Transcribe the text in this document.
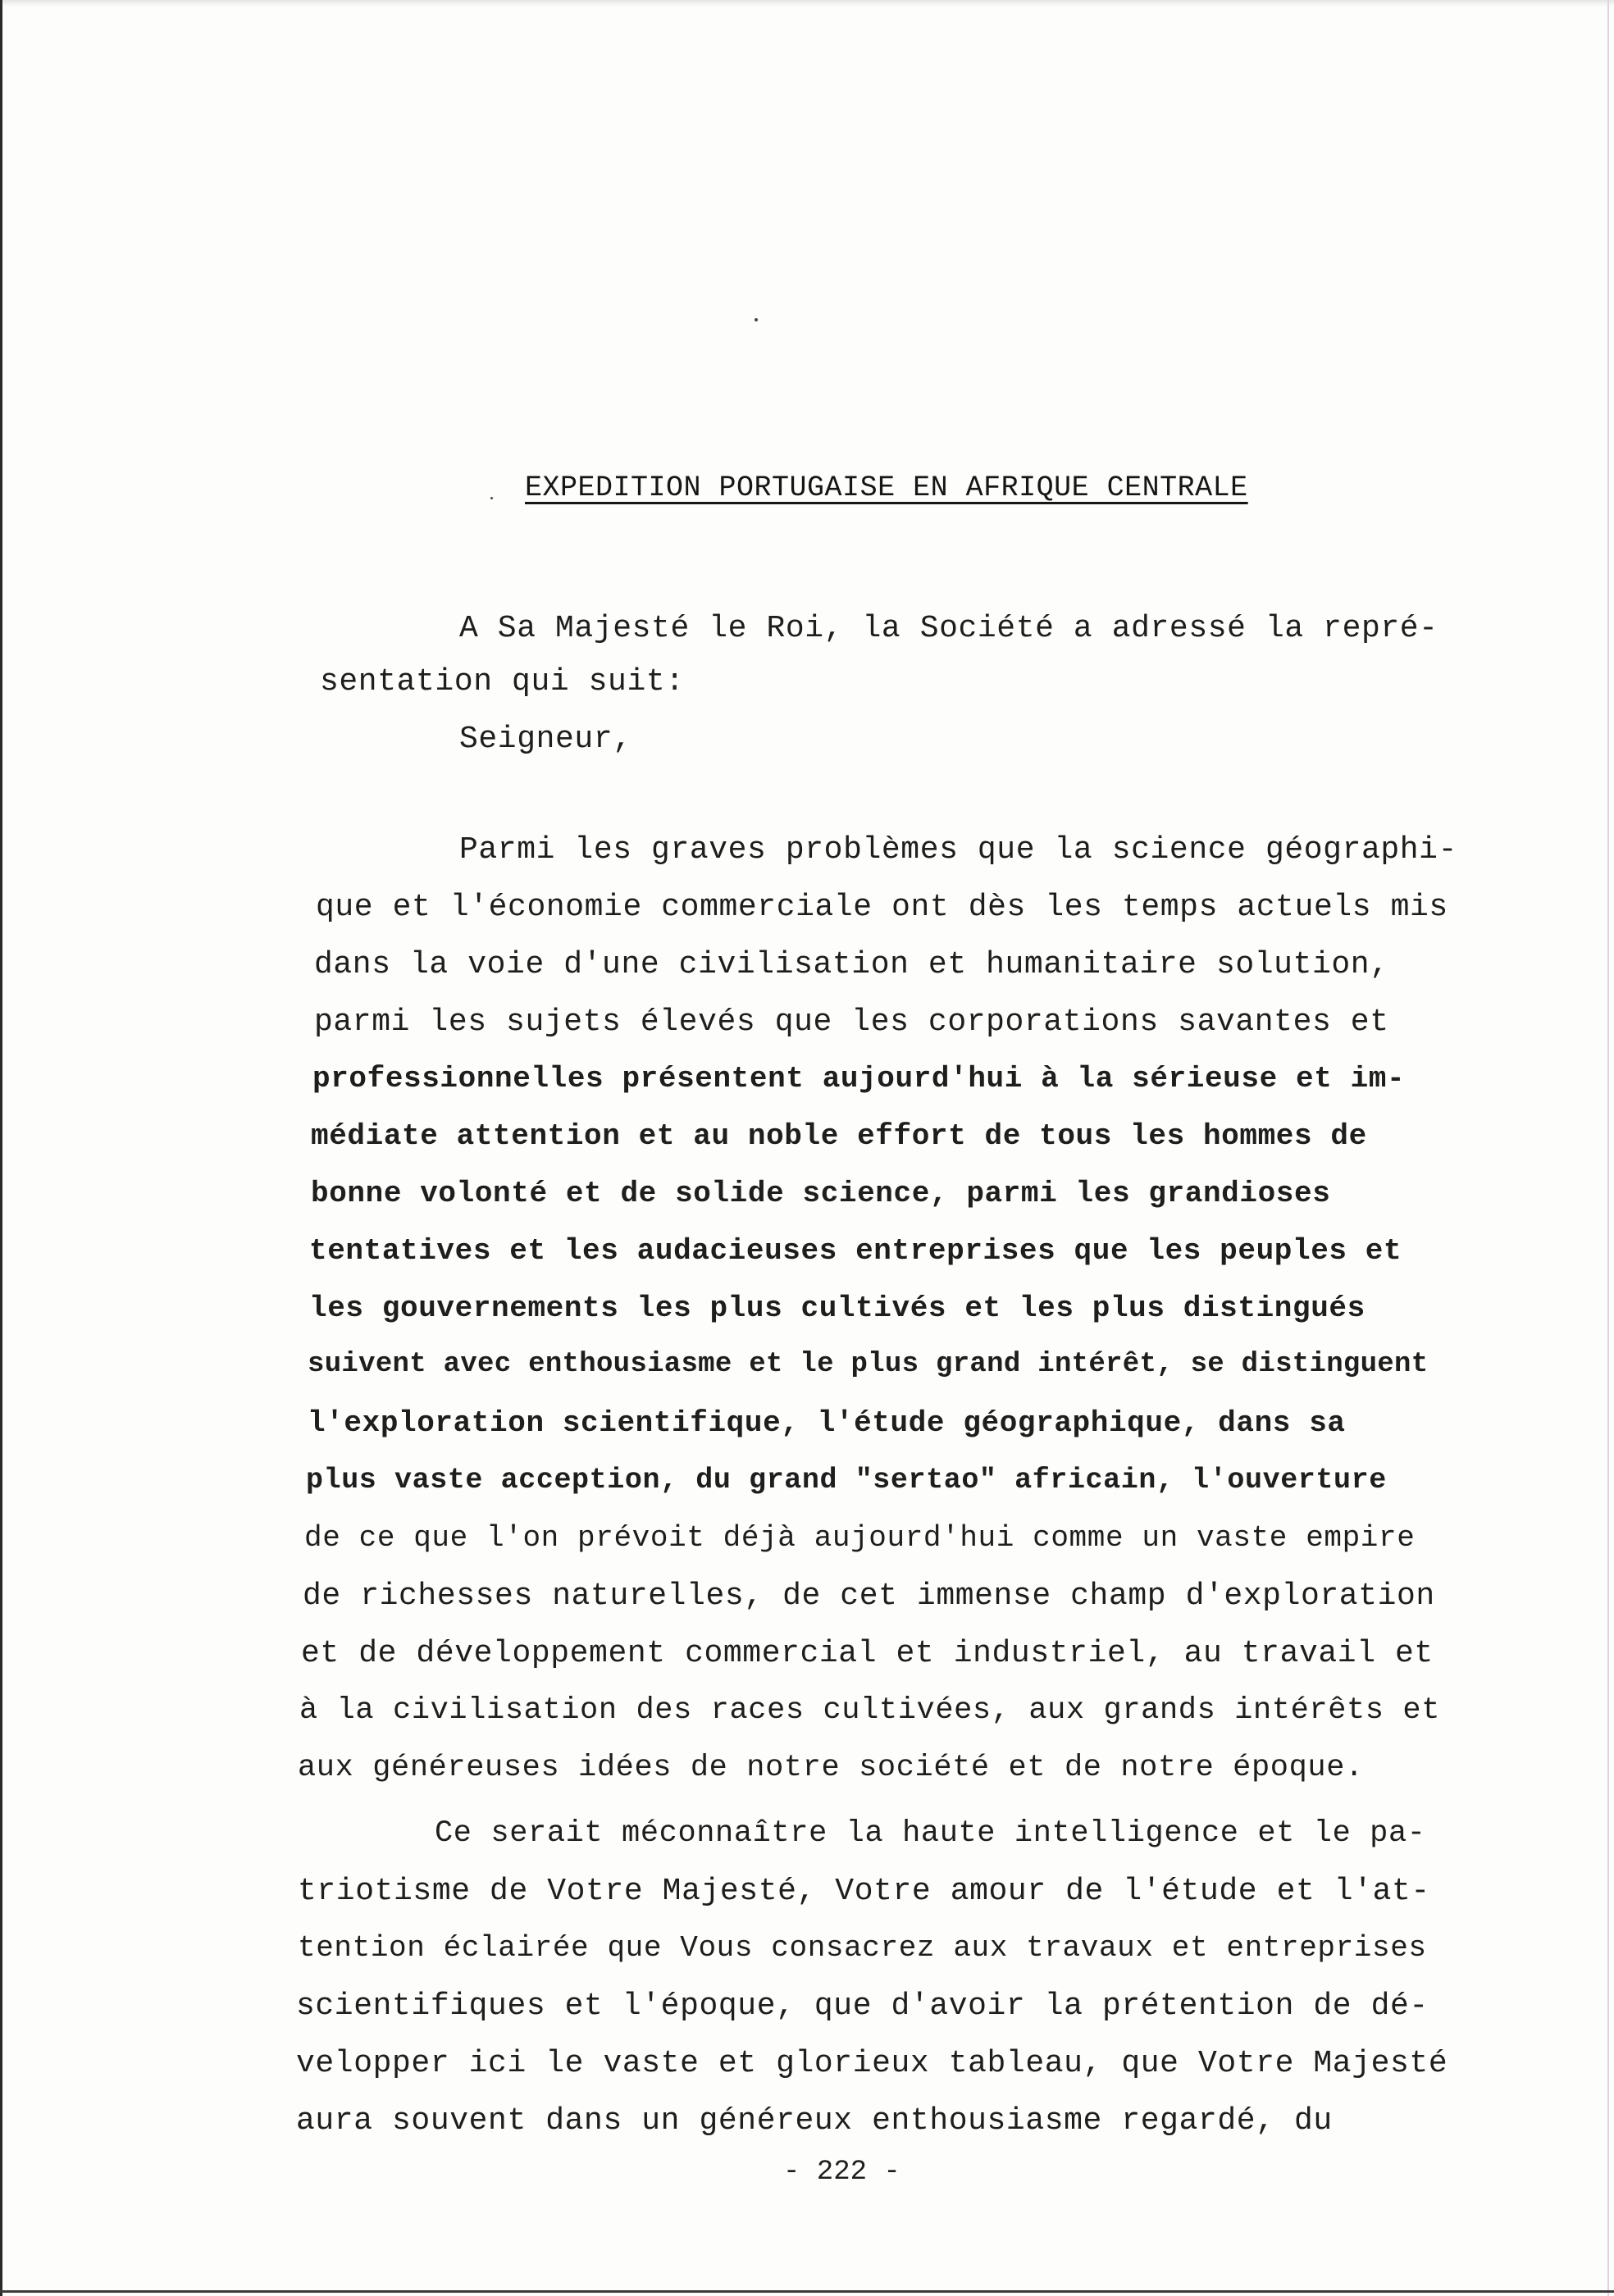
EXPEDITION PORTUGAISE EN AFRIQUE CENTRALE
A Sa Majesté le Roi, la Société a adressé la repré-
sentation qui suit:
Seigneur,
Parmi les graves problèmes que la science géographi-
que et l'économie commerciale ont dès les temps actuels mis
dans la voie d'une civilisation et humanitaire solution,
parmi les sujets élevés que les corporations savantes et
professionnelles présentent aujourd'hui à la sérieuse et im-
médiate attention et au noble effort de tous les hommes de
bonne volonté et de solide science, parmi les grandioses
tentatives et les audacieuses entreprises que les peuples et
les gouvernements les plus cultivés et les plus distingués
suivent avec enthousiasme et le plus grand intérêt, se distinguent
l'exploration scientifique, l'étude géographique, dans sa
plus vaste acception, du grand "sertao" africain, l'ouverture
de ce que l'on prévoit déjà aujourd'hui comme un vaste empire
de richesses naturelles, de cet immense champ d'exploration
et de développement commercial et industriel, au travail et
à la civilisation des races cultivées, aux grands intérêts et
aux généreuses idées de notre société et de notre époque.
Ce serait méconnaître la haute intelligence et le pa-
triotisme de Votre Majesté, Votre amour de l'étude et l'at-
tention éclairée que Vous consacrez aux travaux et entreprises
scientifiques et l'époque, que d'avoir la prétention de dé-
velopper ici le vaste et glorieux tableau, que Votre Majesté
aura souvent dans un généreux enthousiasme regardé, du
- 222 -
